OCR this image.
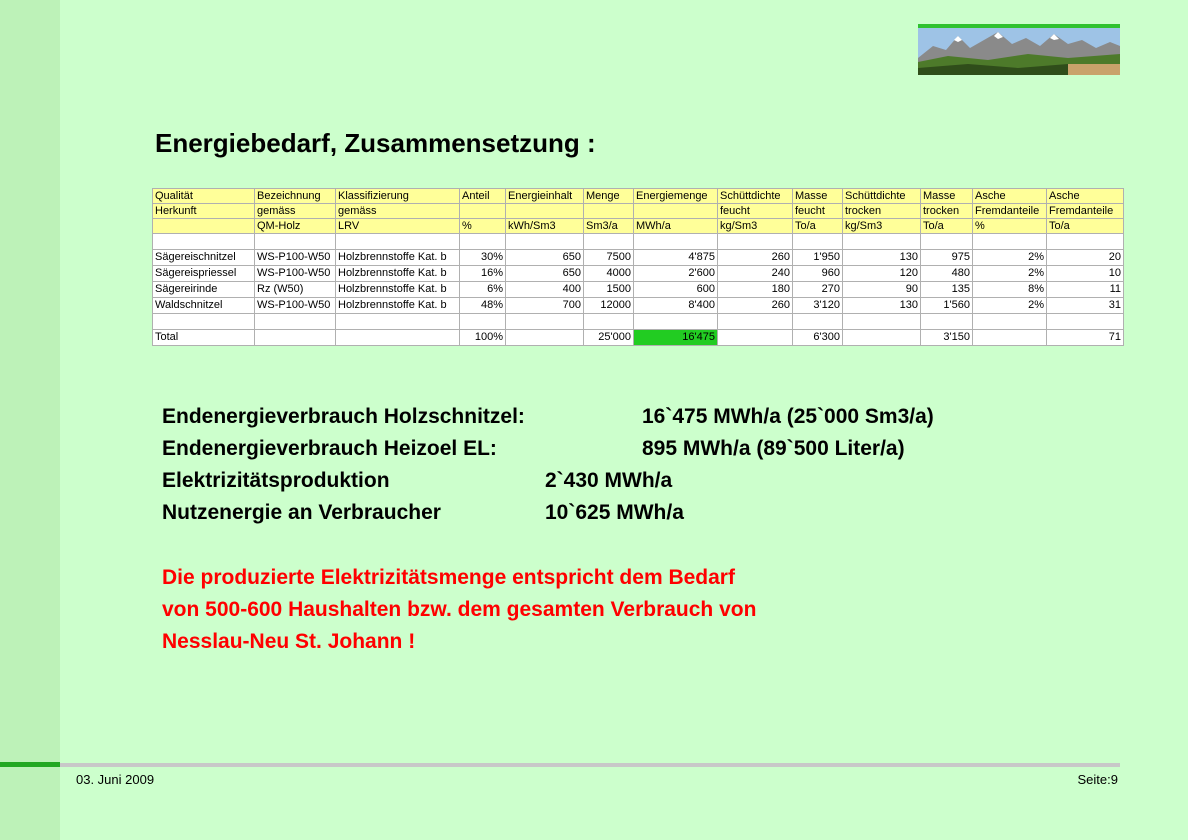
Energiebedarf, Zusammensetzung :
Qualität	Bezeichnung	Klassifizierung	Anteil	Energieinhalt	Menge	Energiemenge	Schüttdichte	Masse	Schüttdichte	Masse	Asche	Asche
Herkunft	gemäss	gemäss					feucht	feucht	trocken	trocken	Fremdanteile	Fremdanteile
	QM-Holz	LRV	%	kWh/Sm3	Sm3/a	MWh/a	kg/Sm3	To/a	kg/Sm3	To/a	%	To/a

Sägereischnitzel	WS-P100-W50	Holzbrennstoffe Kat. b	30%	650	7500	4'875	260	1'950	130	975	2%	20
Sägereispriessel	WS-P100-W50	Holzbrennstoffe Kat. b	16%	650	4000	2'600	240	960	120	480	2%	10
Sägereirinde	Rz (W50)	Holzbrennstoffe Kat. b	6%	400	1500	600	180	270	90	135	8%	11
Waldschnitzel	WS-P100-W50	Holzbrennstoffe Kat. b	48%	700	12000	8'400	260	3'120	130	1'560	2%	31

Total			100%		25'000	16'475		6'300		3'150		71
Endenergieverbrauch Holzschnitzel:	16`475 MWh/a (25`000 Sm3/a)
Endenergieverbrauch Heizoel EL:	895 MWh/a (89`500 Liter/a)
Elektrizitätsproduktion	2`430 MWh/a
Nutzenergie an Verbraucher	10`625 MWh/a
Die produzierte Elektrizitätsmenge entspricht dem Bedarf
von 500-600 Haushalten bzw. dem gesamten Verbrauch von
Nesslau-Neu St. Johann !
03. Juni 2009	Seite:9
